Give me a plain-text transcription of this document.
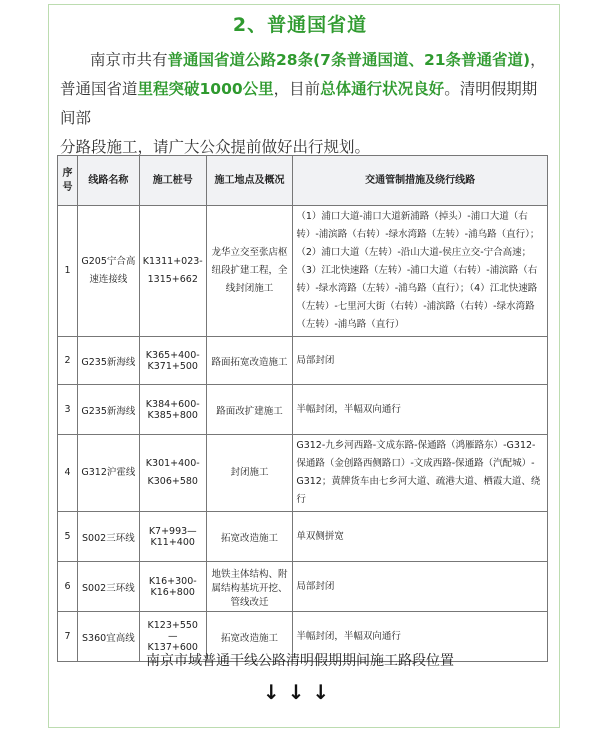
2、普通国省道

南京市共有普通国省道公路28条(7条普通国道、21条普通省道)，

普通国省道里程突破1000公里，目前总体通行状况良好。清明假期期间部

分路段施工，请广大公众提前做好出行规划。

序号	线路名称	施工桩号	施工地点及概况	交通管制措施及绕行线路
1	G205宁合高速连接线	K1311+023-1315+662	龙华立交至张店枢纽段扩建工程，全线封闭施工	（1）浦口大道-浦口大道新浦路（掉头）-浦口大道（右转）-浦滨路（右转）-绿水湾路（左转）-浦乌路（直行）；（2）浦口大道（左转）-沿山大道-侯庄立交-宁合高速；（3）江北快速路（左转）-浦口大道（右转）-浦滨路（右转）-绿水湾路（左转）-浦乌路（直行）；（4）江北快速路（左转）-七里河大街（右转）-浦滨路（右转）-绿水湾路（左转）-浦乌路（直行）
2	G235新海线	K365+400-K371+500	路面拓宽改造施工	局部封闭
3	G235新海线	K384+600-K385+800	路面改扩建施工	半幅封闭，半幅双向通行
4	G312沪霍线	K301+400-K306+580	封闭施工	G312-九乡河西路-文成东路-保通路（鸿雁路东）-G312-保通路（金创路西侧路口）-文成西路-保通路（汽配城）-G312；黄牌货车由七乡河大道、疏港大道、栖霞大道、绕行
5	S002三环线	K7+993—K11+400	拓宽改造施工	单双侧拼宽
6	S002三环线	K16+300-K16+800	地铁主体结构、附属结构基坑开挖、管线改迁	局部封闭
7	S360宜高线	K123+550—K137+600	拓宽改造施工	半幅封闭，半幅双向通行
南京市域普通干线公路清明假期期间施工路段位置
↓↓↓
